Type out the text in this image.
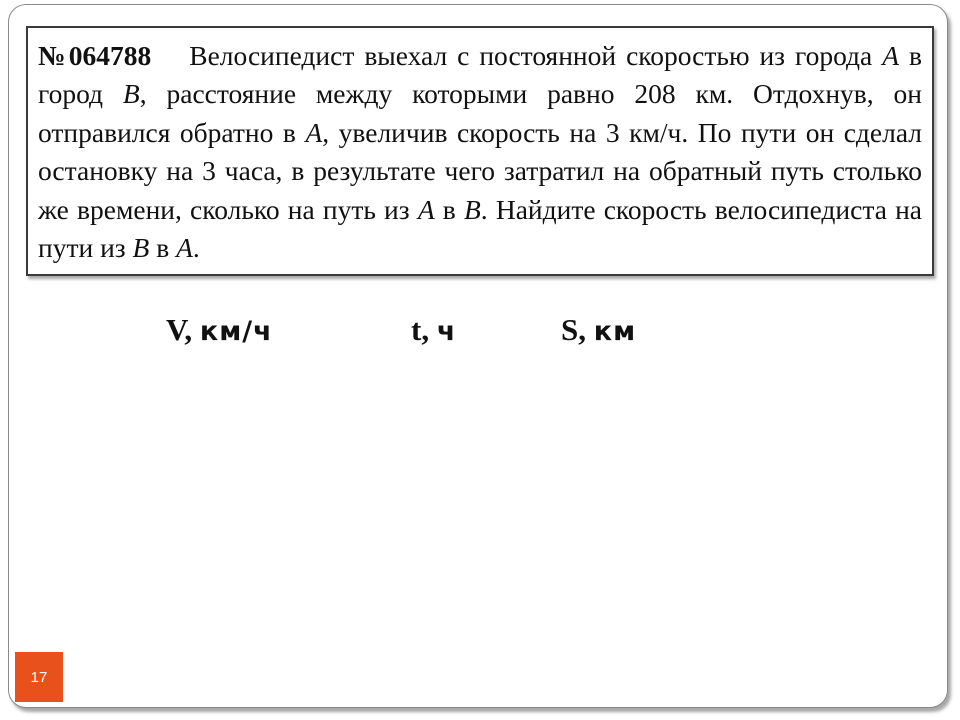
№064788 Велосипедист выехал с постоянной скоростью из города A в город B, расстояние между которыми равно 208 км. Отдохнув, он отправился обратно в A, увеличив скорость на 3 км/ч. По пути он сделал остановку на 3 часа, в результате чего затратил на обратный путь столько же времени, сколько на путь из A в B. Найдите скорость велосипедиста на пути из B в A.

V, км/ч	t, ч	S, км
17
